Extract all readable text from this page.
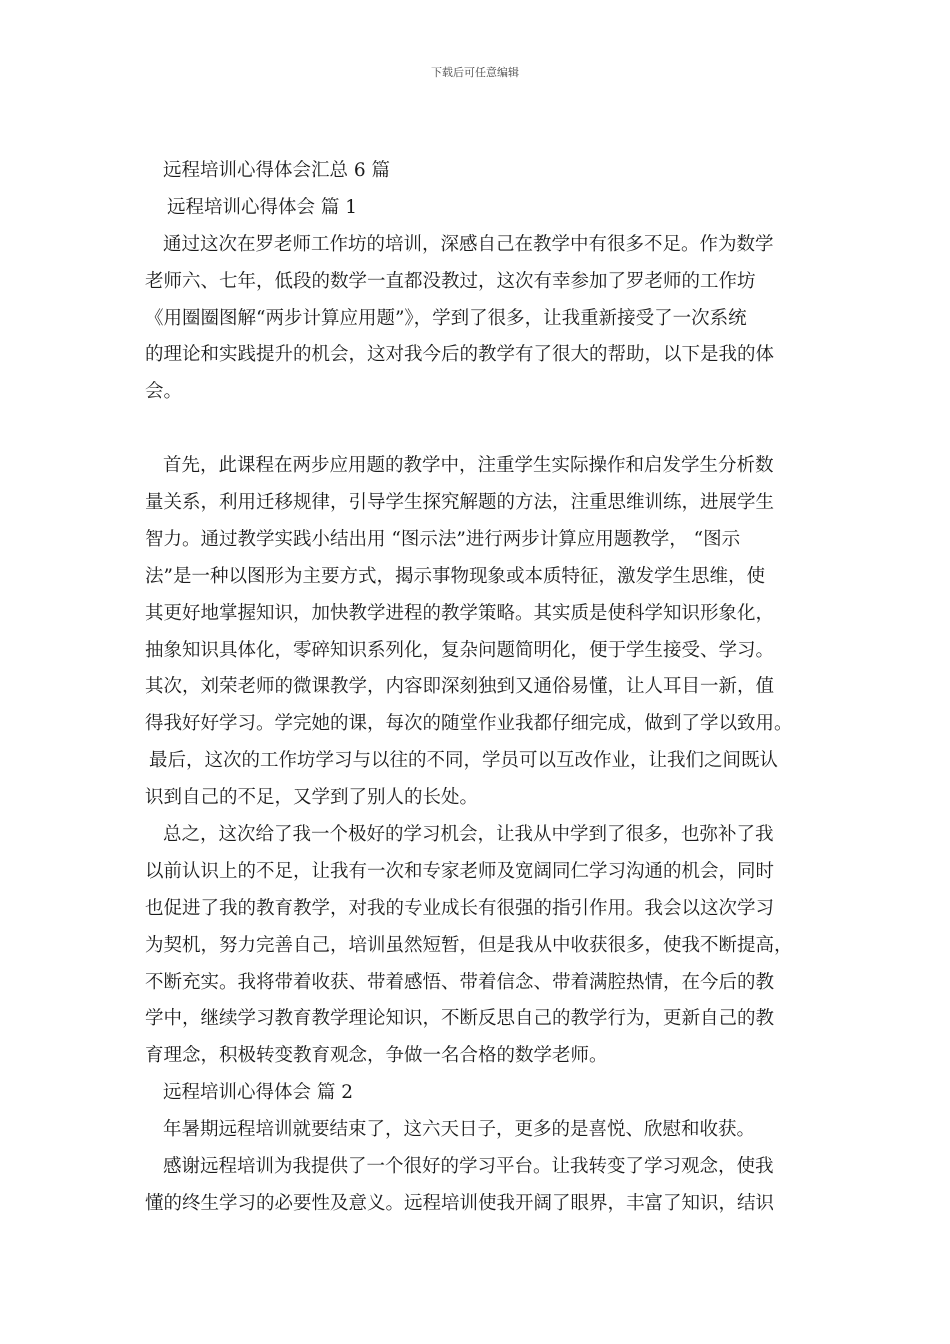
下载后可任意编辑
远程培训心得体会汇总 6 篇
远程培训心得体会 篇 1
通过这次在罗老师工作坊的培训，深感自己在教学中有很多不足。作为数学
老师六、七年，低段的数学一直都没教过，这次有幸参加了罗老师的工作坊
《用圈圈图解“两步计算应用题”》，学到了很多，让我重新接受了一次系统
的理论和实践提升的机会，这对我今后的教学有了很大的帮助，以下是我的体
会。
首先，此课程在两步应用题的教学中，注重学生实际操作和启发学生分析数
量关系，利用迁移规律，引导学生探究解题的方法，注重思维训练，进展学生
智力。通过教学实践小结出用 “图示法”进行两步计算应用题教学， “图示
法”是一种以图形为主要方式，揭示事物现象或本质特征，激发学生思维，使
其更好地掌握知识，加快教学进程的教学策略。其实质是使科学知识形象化，
抽象知识具体化，零碎知识系列化，复杂问题简明化，便于学生接受、学习。
其次，刘荣老师的微课教学，内容即深刻独到又通俗易懂，让人耳目一新，值
得我好好学习。学完她的课，每次的随堂作业我都仔细完成，做到了学以致用。
最后，这次的工作坊学习与以往的不同，学员可以互改作业，让我们之间既认
识到自己的不足，又学到了别人的长处。
总之，这次给了我一个极好的学习机会，让我从中学到了很多，也弥补了我
以前认识上的不足，让我有一次和专家老师及宽阔同仁学习沟通的机会，同时
也促进了我的教育教学，对我的专业成长有很强的指引作用。我会以这次学习
为契机，努力完善自己，培训虽然短暂，但是我从中收获很多，使我不断提高，
不断充实。我将带着收获、带着感悟、带着信念、带着满腔热情，在今后的教
学中，继续学习教育教学理论知识，不断反思自己的教学行为，更新自己的教
育理念，积极转变教育观念，争做一名合格的数学老师。
远程培训心得体会 篇 2
年暑期远程培训就要结束了，这六天日子，更多的是喜悦、欣慰和收获。
感谢远程培训为我提供了一个很好的学习平台。让我转变了学习观念，使我
懂的终生学习的必要性及意义。远程培训使我开阔了眼界，丰富了知识，结识
